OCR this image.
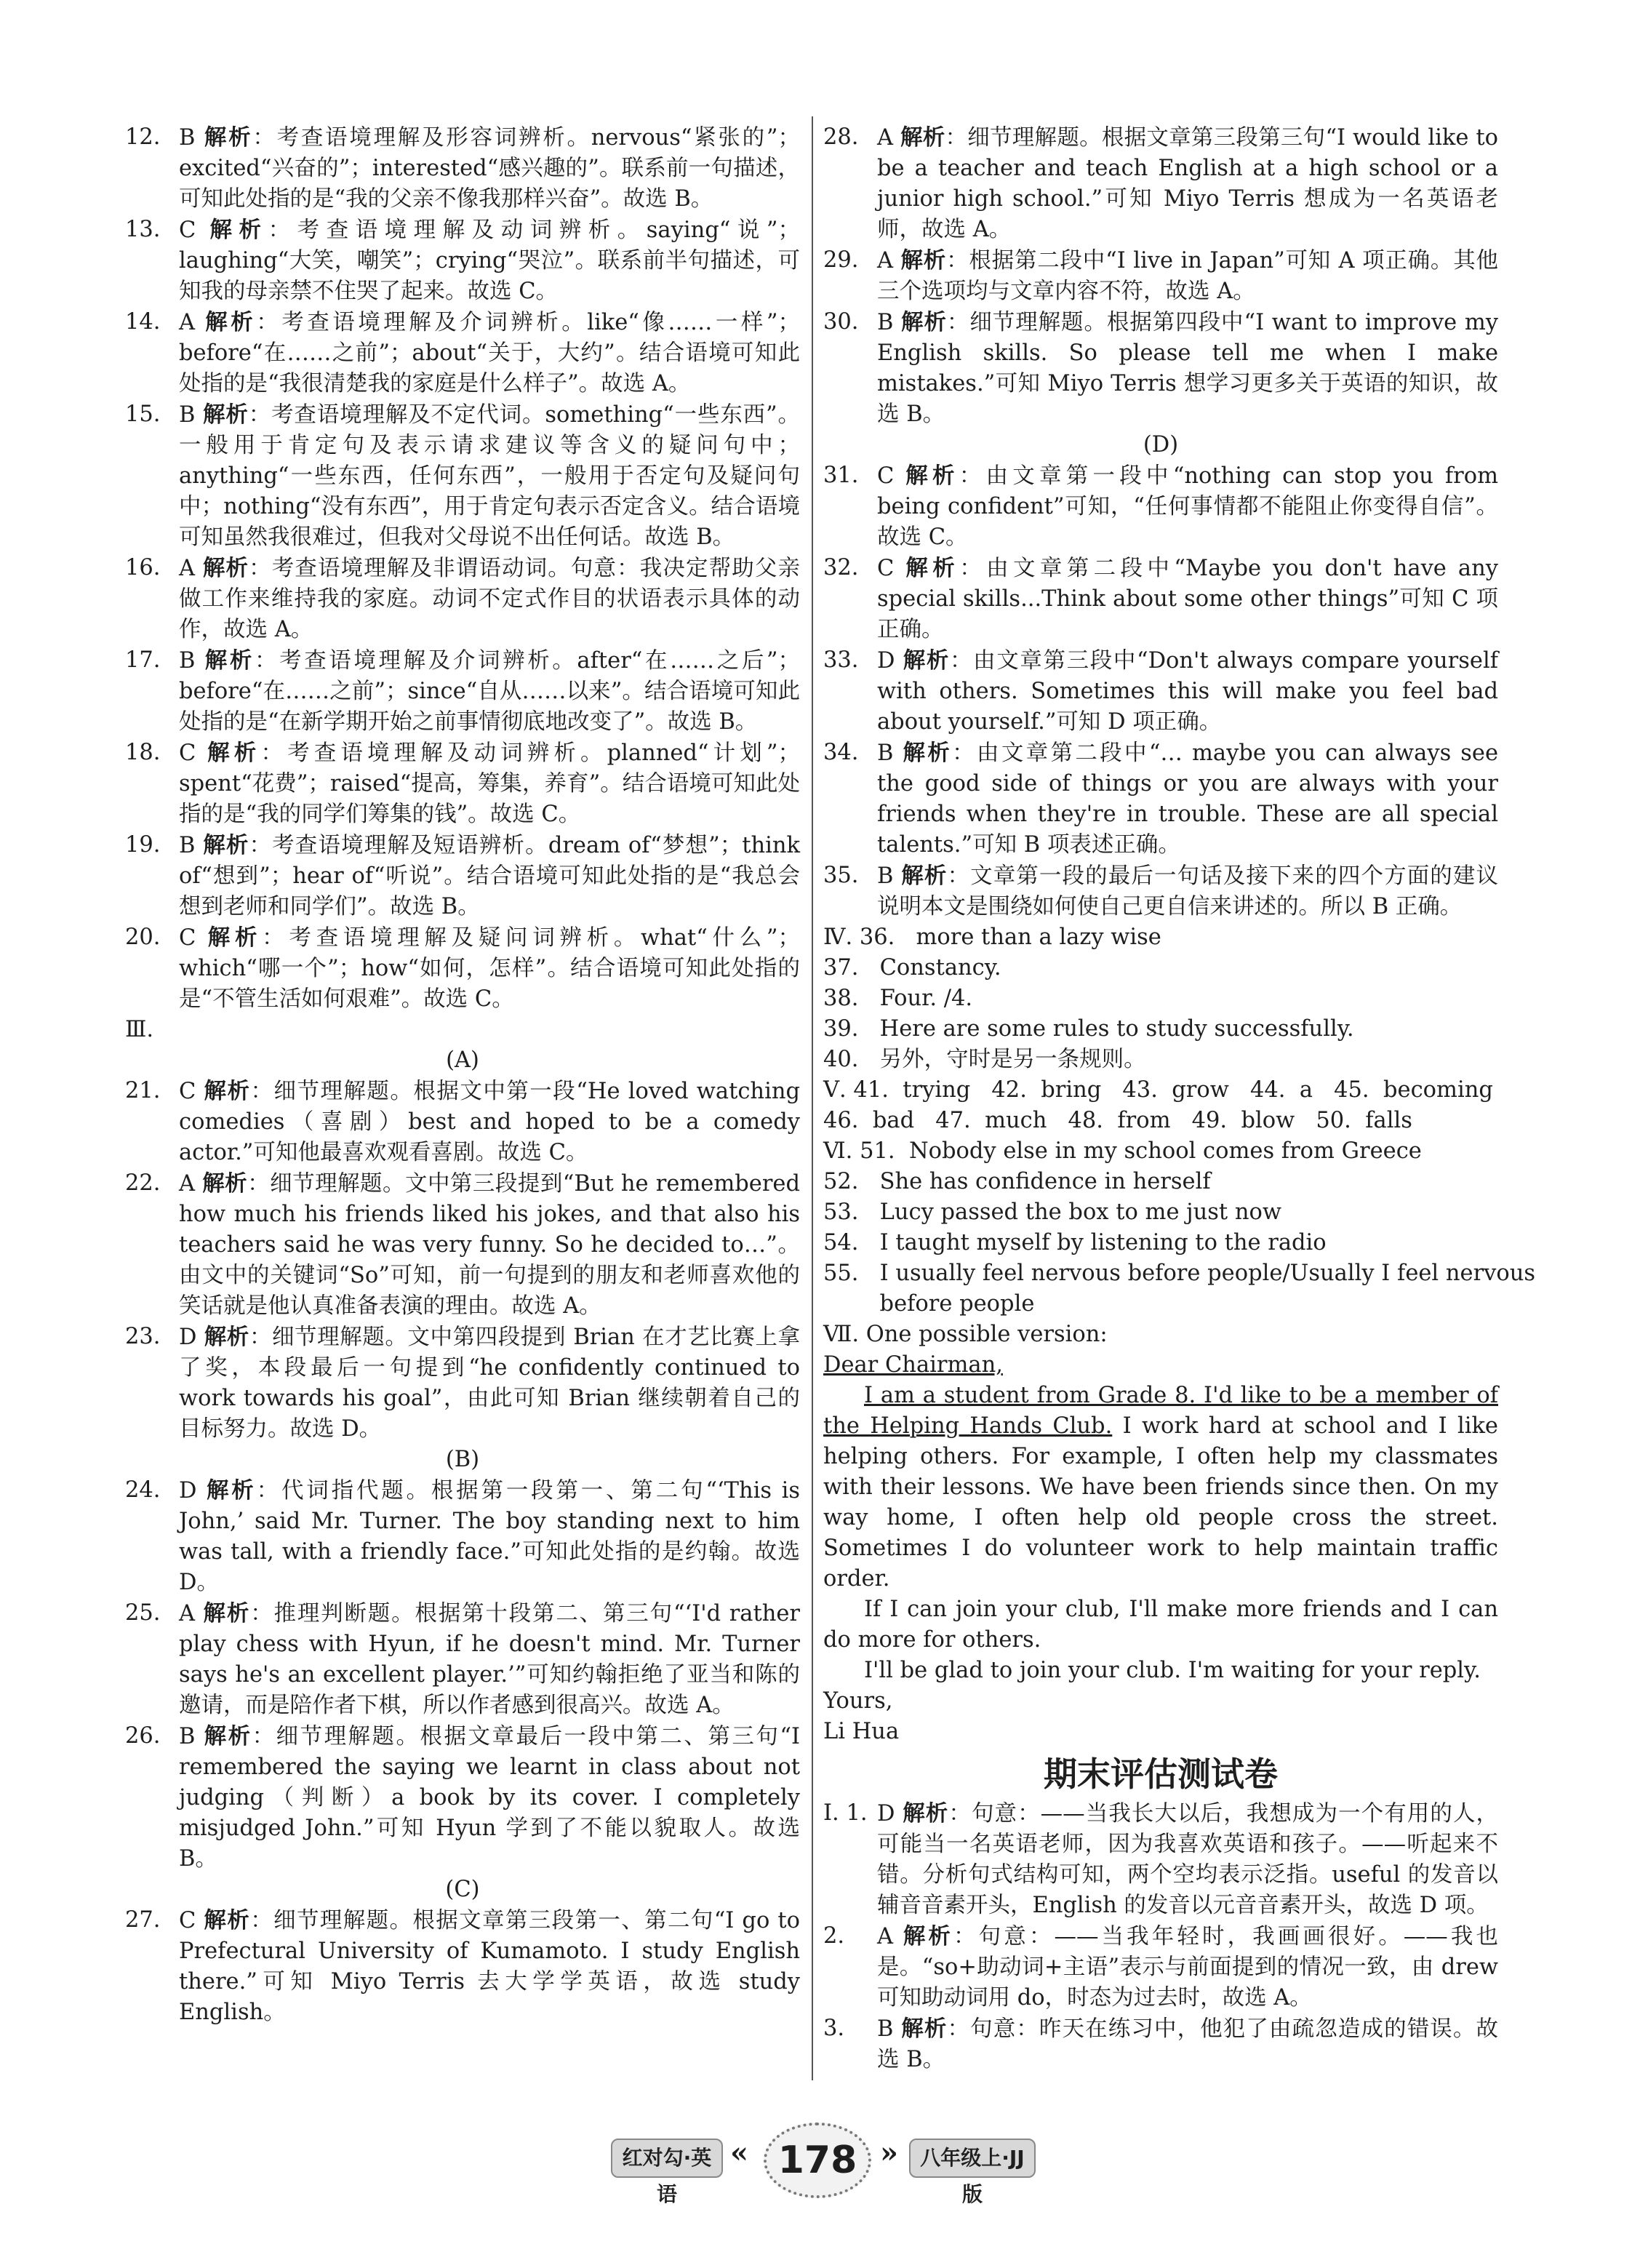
12. B 解析：考查语境理解及形容词辨析。nervous“紧张的”；excited“兴奋的”；interested“感兴趣的”。联系前一句描述，可知此处指的是“我的父亲不像我那样兴奋”。故选 B。
13. C 解析：考查语境理解及动词辨析。saying“说”；laughing“大笑，嘲笑”；crying“哭泣”。联系前半句描述，可知我的母亲禁不住哭了起来。故选 C。
14. A 解析：考查语境理解及介词辨析。like“像……一样”；before“在……之前”；about“关于，大约”。结合语境可知此处指的是“我很清楚我的家庭是什么样子”。故选 A。
15. B 解析：考查语境理解及不定代词。something“一些东西”。一般用于肯定句及表示请求建议等含义的疑问句中；anything“一些东西，任何东西”，一般用于否定句及疑问句中；nothing“没有东西”，用于肯定句表示否定含义。结合语境可知虽然我很难过，但我对父母说不出任何话。故选 B。
16. A 解析：考查语境理解及非谓语动词。句意：我决定帮助父亲做工作来维持我的家庭。动词不定式作目的状语表示具体的动作，故选 A。
17. B 解析：考查语境理解及介词辨析。after“在……之后”；before“在……之前”；since“自从……以来”。结合语境可知此处指的是“在新学期开始之前事情彻底地改变了”。故选 B。
18. C 解析：考查语境理解及动词辨析。planned“计划”；spent“花费”；raised“提高，筹集，养育”。结合语境可知此处指的是“我的同学们筹集的钱”。故选 C。
19. B 解析：考查语境理解及短语辨析。dream of“梦想”；think of“想到”；hear of“听说”。结合语境可知此处指的是“我总会想到老师和同学们”。故选 B。
20. C 解析：考查语境理解及疑问词辨析。what“什么”；which“哪一个”；how“如何，怎样”。结合语境可知此处指的是“不管生活如何艰难”。故选 C。
Ⅲ.
(A)
21. C 解析：细节理解题。根据文中第一段“He loved watching comedies（喜剧）best and hoped to be a comedy actor.”可知他最喜欢观看喜剧。故选 C。
22. A 解析：细节理解题。文中第三段提到“But he remembered how much his friends liked his jokes, and that also his teachers said he was very funny. So he decided to…”。由文中的关键词“So”可知，前一句提到的朋友和老师喜欢他的笑话就是他认真准备表演的理由。故选 A。
23. D 解析：细节理解题。文中第四段提到 Brian 在才艺比赛上拿了奖，本段最后一句提到“he confidently continued to work towards his goal”，由此可知 Brian 继续朝着自己的目标努力。故选 D。
(B)
24. D 解析：代词指代题。根据第一段第一、第二句“‘This is John,’ said Mr. Turner. The boy standing next to him was tall, with a friendly face.”可知此处指的是约翰。故选 D。
25. A 解析：推理判断题。根据第十段第二、第三句“‘I'd rather play chess with Hyun, if he doesn't mind. Mr. Turner says he's an excellent player.’”可知约翰拒绝了亚当和陈的邀请，而是陪作者下棋，所以作者感到很高兴。故选 A。
26. B 解析：细节理解题。根据文章最后一段中第二、第三句“I remembered the saying we learnt in class about not judging（判断）a book by its cover. I completely misjudged John.”可知 Hyun 学到了不能以貌取人。故选 B。
(C)
27. C 解析：细节理解题。根据文章第三段第一、第二句“I go to Prefectural University of Kumamoto. I study English there.”可知 Miyo Terris 去大学学英语，故选 study English。
28. A 解析：细节理解题。根据文章第三段第三句“I would like to be a teacher and teach English at a high school or a junior high school.”可知 Miyo Terris 想成为一名英语老师，故选 A。
29. A 解析：根据第二段中“I live in Japan”可知 A 项正确。其他三个选项均与文章内容不符，故选 A。
30. B 解析：细节理解题。根据第四段中“I want to improve my English skills. So please tell me when I make mistakes.”可知 Miyo Terris 想学习更多关于英语的知识，故选 B。
(D)
31. C 解析：由文章第一段中“nothing can stop you from being confident”可知，“任何事情都不能阻止你变得自信”。故选 C。
32. C 解析：由文章第二段中“Maybe you don't have any special skills...Think about some other things”可知 C 项正确。
33. D 解析：由文章第三段中“Don't always compare yourself with others. Sometimes this will make you feel bad about yourself.”可知 D 项正确。
34. B 解析：由文章第二段中“… maybe you can always see the good side of things or you are always with your friends when they're in trouble. These are all special talents.”可知 B 项表述正确。
35. B 解析：文章第一段的最后一句话及接下来的四个方面的建议说明本文是围绕如何使自己更自信来讲述的。所以 B 正确。
Ⅳ. 36.   more than a lazy wise
37.   Constancy.
38.   Four. /4.
39.   Here are some rules to study successfully.
40.   另外，守时是另一条规则。
Ⅴ. 41.  trying   42.  bring   43.  grow   44.  a   45.  becoming
46.  bad   47.  much   48.  from   49.  blow   50.  falls
Ⅵ. 51.  Nobody else in my school comes from Greece
52.   She has confidence in herself
53.   Lucy passed the box to me just now
54.   I taught myself by listening to the radio
55.   I usually feel nervous before people/Usually I feel nervous
before people
Ⅶ. One possible version:
Dear Chairman,
I am a student from Grade 8. I'd like to be a member of the Helping Hands Club. I work hard at school and I like helping others. For example, I often help my classmates with their lessons. We have been friends since then. On my way home, I often help old people cross the street. Sometimes I do volunteer work to help maintain traffic order.
If I can join your club, I'll make more friends and I can do more for others.
I'll be glad to join your club. I'm waiting for your reply.
Yours,
Li Hua
期末评估测试卷
Ⅰ. 1. D 解析：句意：——当我长大以后，我想成为一个有用的人，可能当一名英语老师，因为我喜欢英语和孩子。——听起来不错。分析句式结构可知，两个空均表示泛指。useful 的发音以辅音音素开头，English 的发音以元音音素开头，故选 D 项。
2.	A 解析：句意：——当我年轻时，我画画很好。——我也是。“so+助动词+主语”表示与前面提到的情况一致，由 drew 可知助动词用 do，时态为过去时，故选 A。
3.	B 解析：句意：昨天在练习中，他犯了由疏忽造成的错误。故选 B。
红对勾·英语
« 178 »	八年级上·JJ版
